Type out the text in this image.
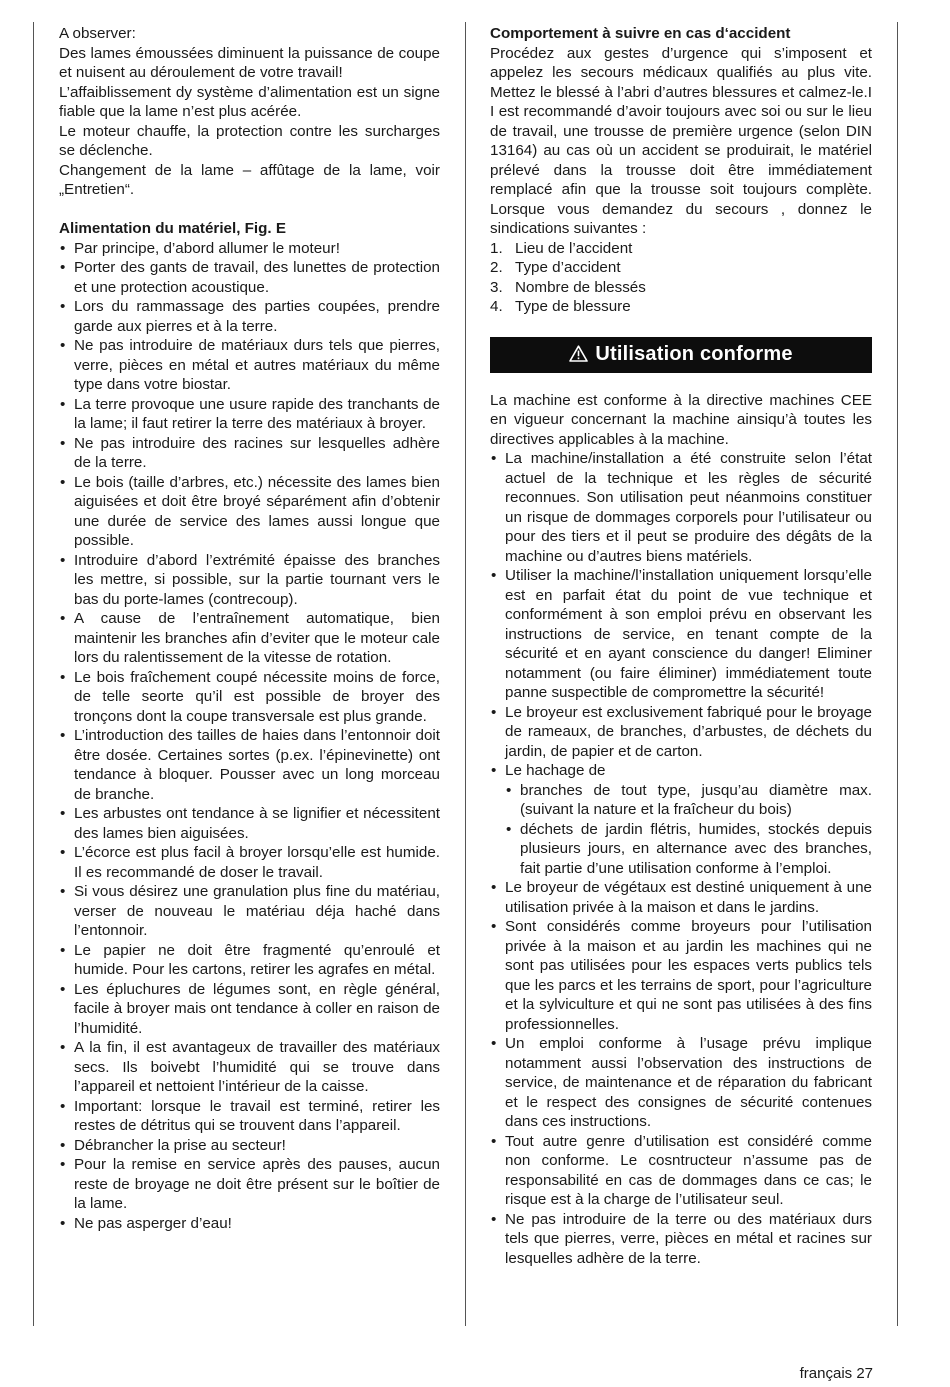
A observer:

Des lames émoussées diminuent la puissance de coupe et nuisent au déroulement de votre travail!

L’affaiblissement dy système d’alimentation est un signe fiable que la lame n’est plus acérée.

Le moteur chauffe, la protection contre les surcharges se déclenche.

Changement de la lame – affûtage de la lame, voir „Entretien“.

Alimentation du matériel, Fig. E

• Par principe, d’abord allumer le moteur!
• Porter des gants de travail, des lunettes de protection et une protection acoustique.
• Lors du rammassage des parties coupées, prendre garde aux pierres et à la terre.
• Ne pas introduire de matériaux durs tels que pierres, verre, pièces en métal et autres matériaux du même type dans votre biostar.
• La terre provoque une usure rapide des tranchants de la lame; il faut retirer la terre des matériaux à broyer.
• Ne pas introduire des racines sur lesquelles adhère de la terre.
• Le bois (taille d’arbres, etc.) nécessite des lames bien aiguisées et doit être broyé séparément afin d’obtenir une durée de service des lames aussi longue que possible.
• Introduire d’abord l’extrémité épaisse des branches les mettre, si possible, sur la partie tournant vers le bas du porte-lames (contrecoup).
• A cause de l’entraînement automatique, bien maintenir les branches afin d’eviter que le moteur cale lors du ralentissement de la vitesse de rotation.
• Le bois fraîchement coupé nécessite moins de force, de telle seorte qu’il est possible de broyer des tronçons dont la coupe transversale est plus grande.
• L’introduction des tailles de haies dans l’entonnoir doit être dosée. Certaines sortes (p.ex. l’épinevinette) ont tendance à bloquer. Pousser avec un long morceau de branche.
• Les arbustes ont tendance à se lignifier et nécessitent des lames bien aiguisées.
• L’écorce est plus facil à broyer lorsqu’elle est humide. Il es recommandé de doser le travail.
• Si vous désirez une granulation plus fine du matériau, verser de nouveau le matériau déja haché dans l’entonnoir.
• Le papier ne doit être fragmenté qu’enroulé et humide. Pour les cartons, retirer les agrafes en métal.
• Les épluchures de légumes sont, en règle général, facile à broyer mais ont tendance à coller en raison de l’humidité.
• A la fin, il est avantageux de travailler des matériaux secs. Ils boivebt l’humidité qui se trouve dans l’appareil et nettoient l’intérieur de la caisse.
• Important: lorsque le travail est terminé, retirer les restes de détritus qui se trouvent dans l’appareil.
• Débrancher la prise au secteur!
• Pour la remise en service après des pauses, aucun reste de broyage ne doit être présent sur le boîtier de la lame.
• Ne pas asperger d’eau!

Comportement à suivre en cas d‘accident

Procédez aux gestes d’urgence qui s’imposent et appelez les secours médicaux qualifiés au plus vite. Mettez le blessé à l’abri d’autres blessures et calmez-le.I I est recommandé d’avoir toujours avec soi ou sur le lieu de travail, une trousse de première urgence (selon DIN 13164) au cas où un accident se produirait, le matériel prélevé dans la trousse doit être immédiatement remplacé afin que la trousse soit toujours complète. Lorsque vous demandez du secours , donnez le sindications suivantes :

1. Lieu de l’accident
2. Type d’accident
3. Nombre de blessés
4. Type de blessure
Utilisation conforme

La machine est conforme à la directive machines CEE en vigueur concernant la machine ainsiqu’à toutes les directives applicables à la machine.

• La machine/installation a été construite selon l’état actuel de la technique et les règles de sécurité reconnues. Son utilisation peut néanmoins constituer un risque de dommages corporels pour l’utilisateur ou pour des tiers et il peut se produire des dégâts de la machine ou d’autres biens matériels.
• Utiliser la machine/l’installation uniquement lorsqu’elle est en parfait état du point de vue technique et conformément à son emploi prévu en observant les instructions de service, en tenant compte de la sécurité et en ayant conscience du danger! Eliminer notamment (ou faire éliminer) immédiatement toute panne suspectible de compromettre la sécurité!
• Le broyeur est exclusivement fabriqué pour le broyage de rameaux, de branches, d’arbustes, de déchets du jardin, de papier et de carton.
• Le hachage de
• branches de tout type, jusqu’au diamètre max. (suivant la nature et la fraîcheur du bois)
• déchets de jardin flétris, humides, stockés depuis plusieurs jours, en alternance avec des branches, fait partie d’une utilisation conforme à l’emploi.
• Le broyeur de végétaux est destiné uniquement à une utilisation privée à la maison et dans le jardins.
• Sont considérés comme broyeurs pour l’utilisation privée à la maison et au jardin les machines qui ne sont pas utilisées pour les espaces verts publics tels que les parcs et les terrains de sport, pour l’agriculture et la sylviculture et qui ne sont pas utilisées à des fins professionnelles.
• Un emploi conforme à l’usage prévu implique notamment aussi l’observation des instructions de service, de maintenance et de réparation du fabricant et le respect des consignes de sécurité contenues dans ces instructions.
• Tout autre genre d’utilisation est considéré comme non conforme. Le cosntructeur n’assume pas de responsabilité en cas de dommages dans ce cas; le risque est à la charge de l’utilisateur seul.
• Ne pas introduire de la terre ou des matériaux durs tels que pierres, verre, pièces en métal et racines sur lesquelles adhère de la terre.
français 27
